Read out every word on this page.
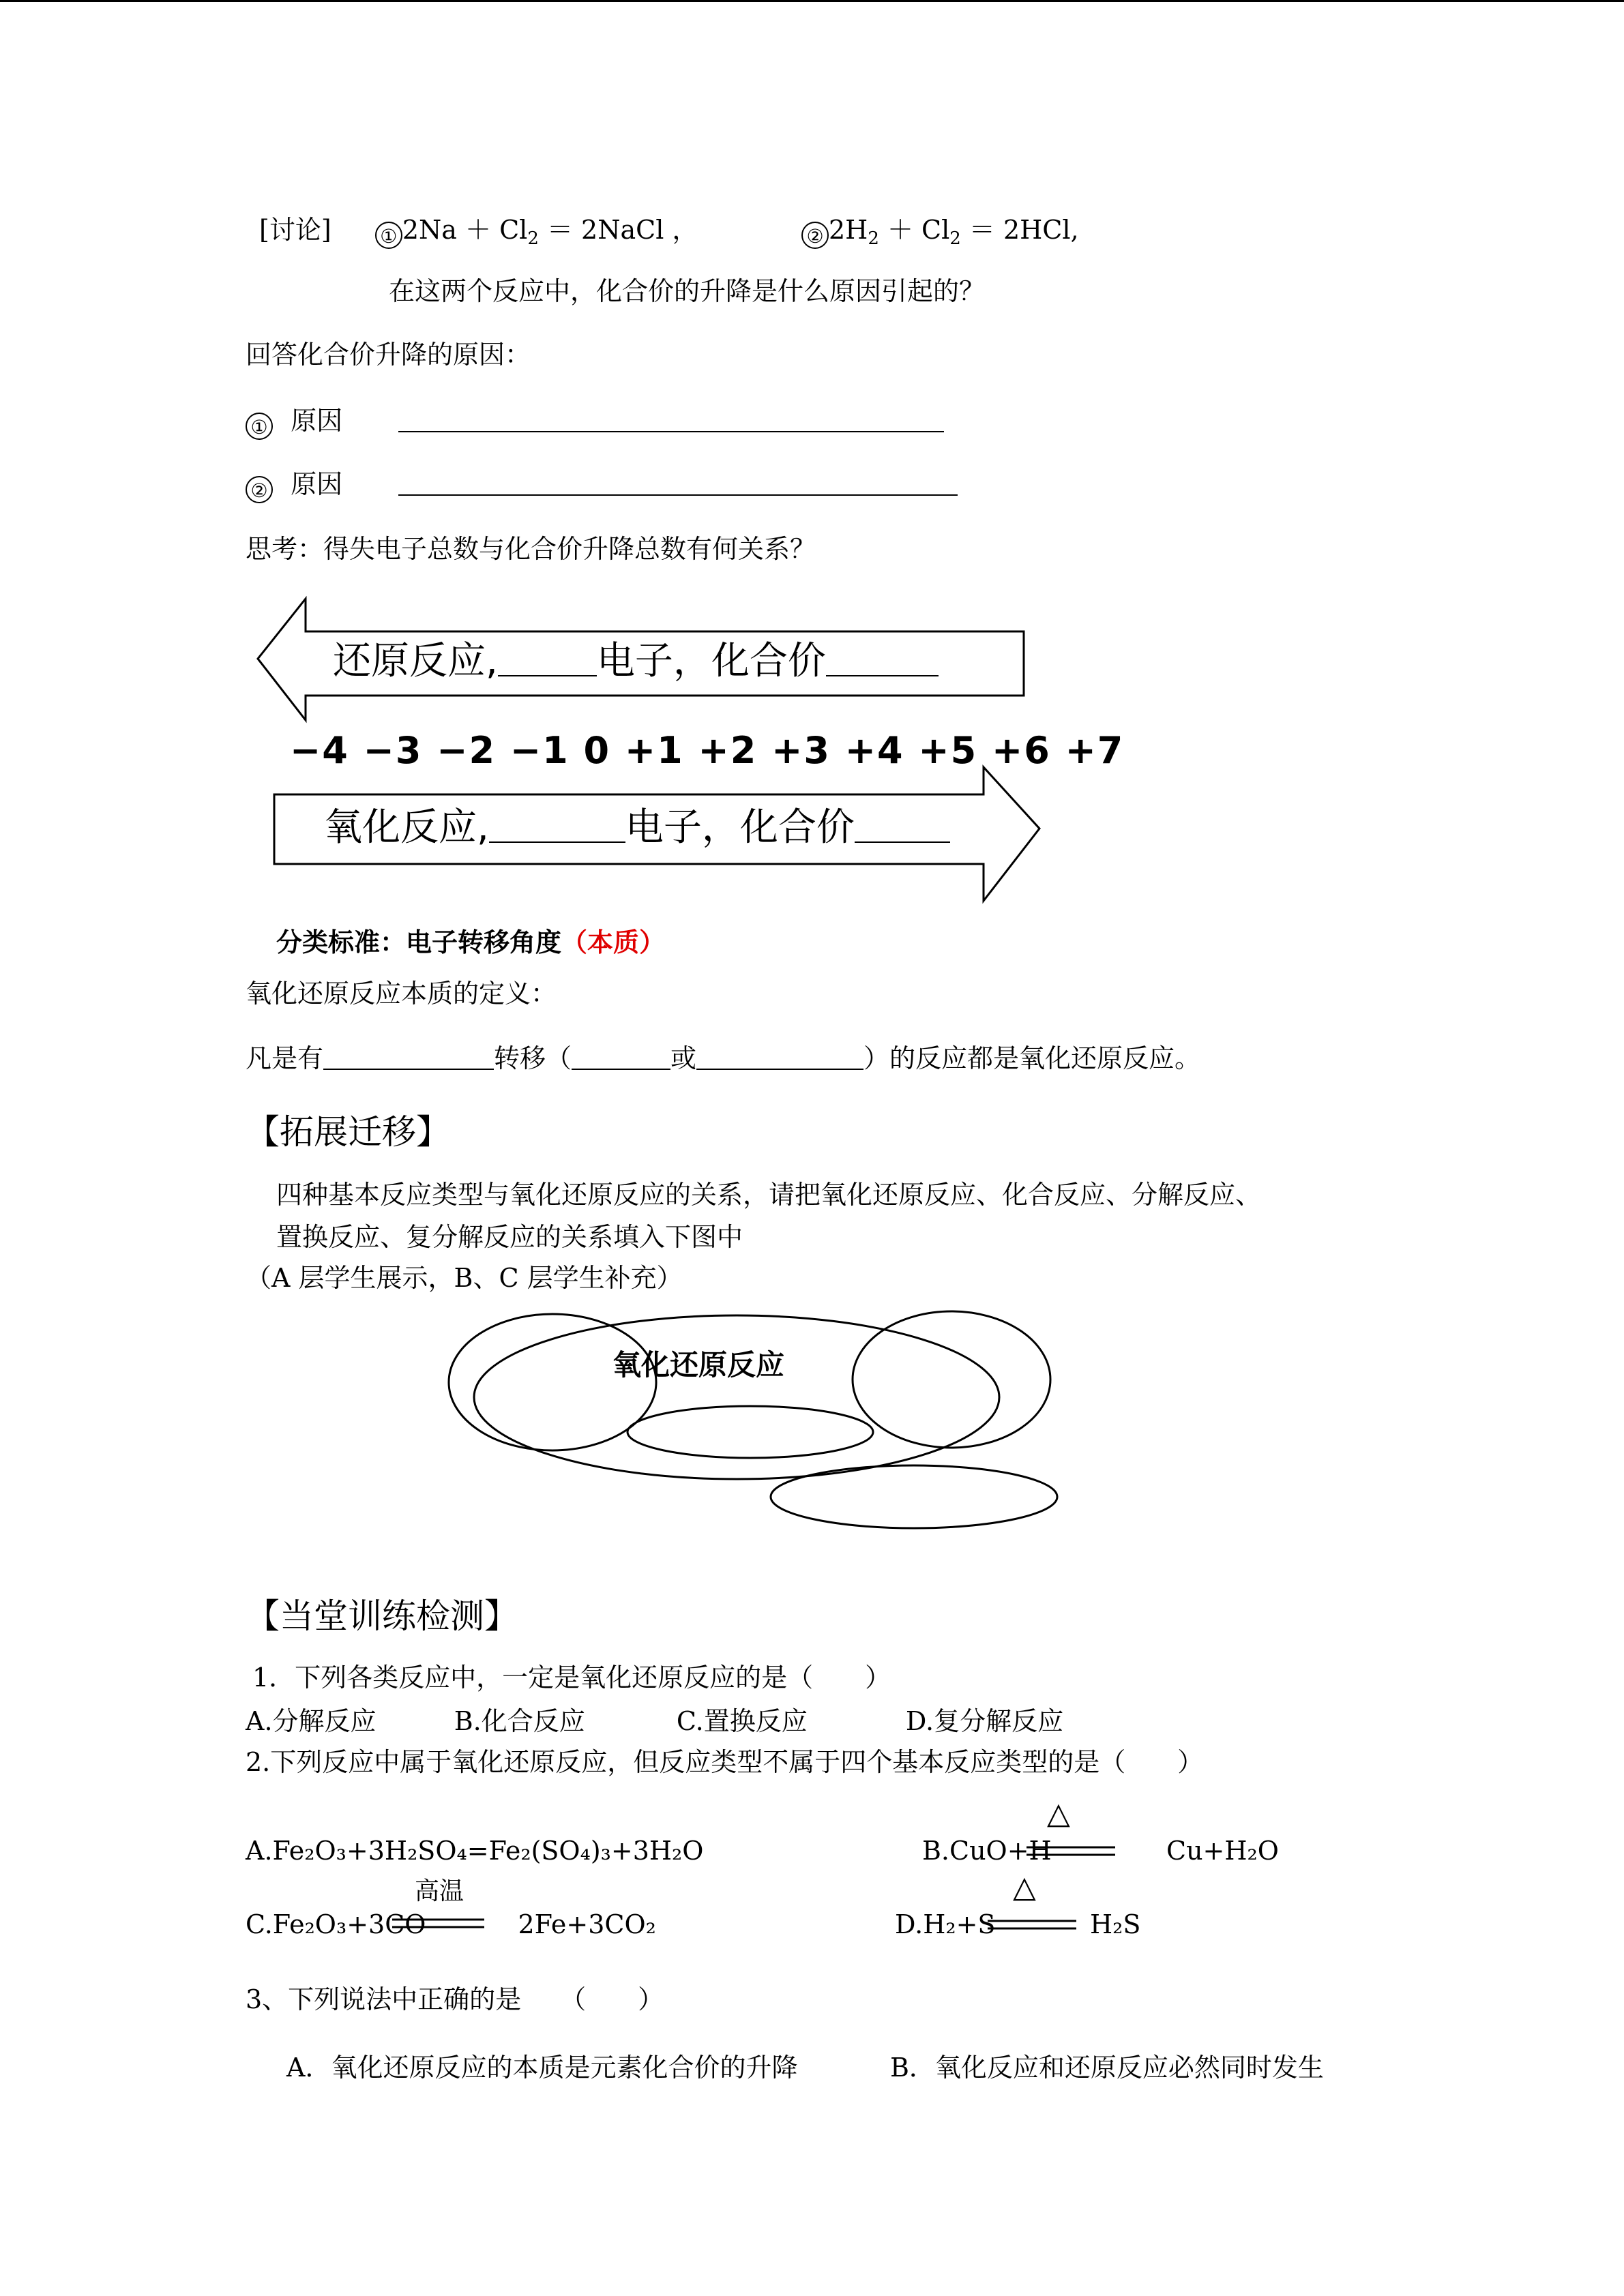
[讨论]	① $2Na + Cl_2$ ＝ 2NaCl ，	② $2H_2 + Cl_2 = 2HCl$,
在这两个反应中，化合价的升降是什么原因引起的？
回答化合价升降的原因：
① 原因
② 原因
思考：得失电子总数与化合价升降总数有何关系？
还原反应,	电子，化合价
−4 −3 −2 −1 0 +1 +2 +3 +4 +5 +6 +7
氧化反应,	电子，化合价
分类标准：电子转移角度（本质）
氧化还原反应本质的定义：
凡是有	转移（	或	）的反应都是氧化还原反应。
【拓展迁移】
四种基本反应类型与氧化还原反应的关系，请把氧化还原反应、化合反应、分解反应、
置换反应、复分解反应的关系填入下图中
（A 层学生展示，B、C 层学生补充）
氧化还原反应
【当堂训练检测】
1．下列各类反应中，一定是氧化还原反应的是（　　）
A.分解反应	B.化合反应	C.置换反应	D.复分解反应
2.下列反应中属于氧化还原反应，但反应类型不属于四个基本反应类型的是（　　）
A.Fe₂O₃+3H₂SO₄=Fe₂(SO₄)₃+3H₂O	B.CuO+H
△
Cu+H₂O
C.Fe₂O₃+3CO	2Fe+3CO₂
高温
D.H₂+S
△
H₂S
3、下列说法中正确的是　　（　　）
A．氧化还原反应的本质是元素化合价的升降	B．氧化反应和还原反应必然同时发生
